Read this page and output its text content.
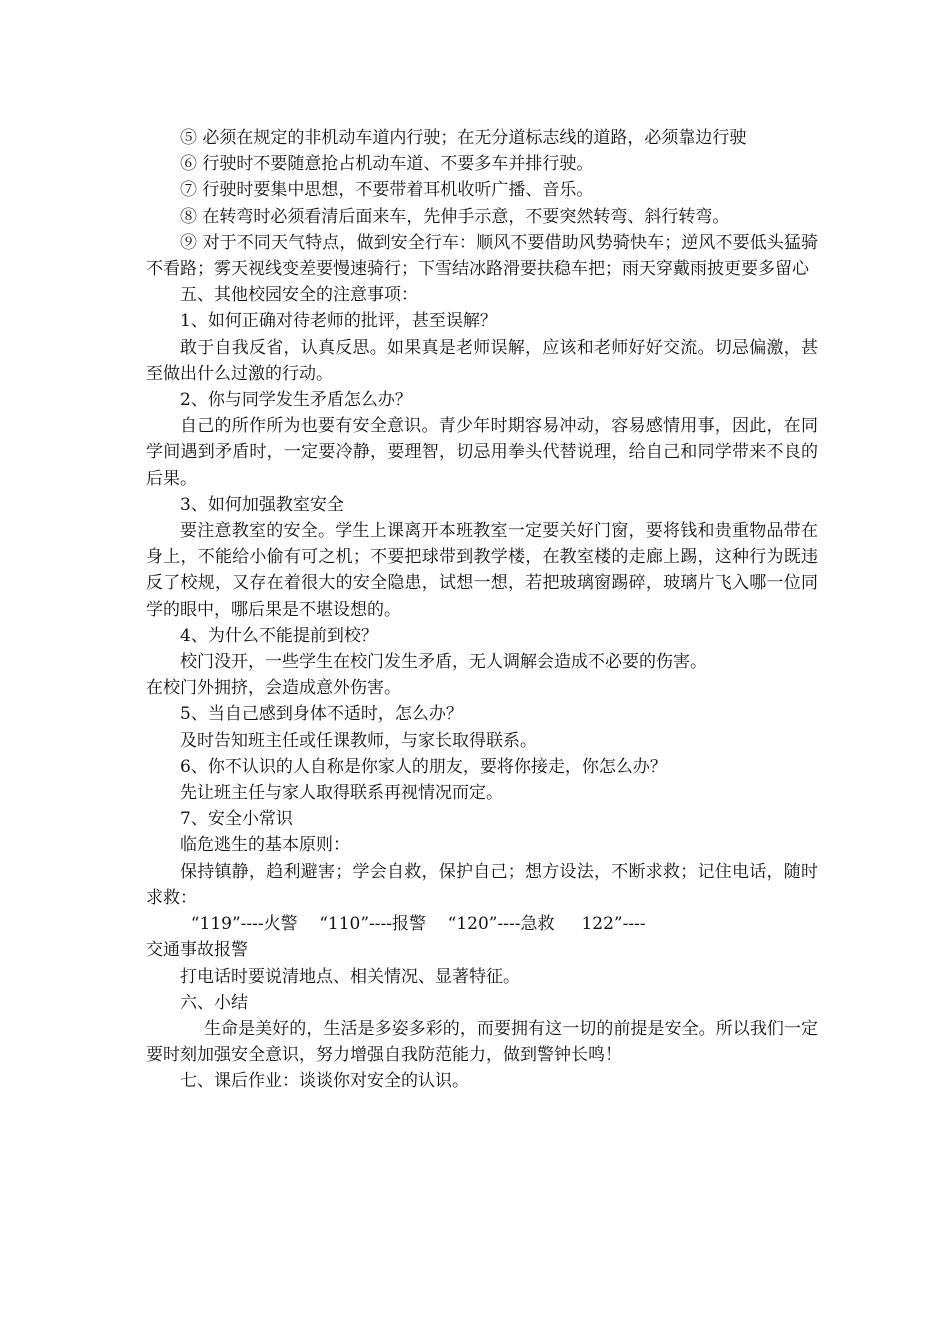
⑤ 必须在规定的非机动车道内行驶；在无分道标志线的道路，必须靠边行驶

⑥ 行驶时不要随意抢占机动车道、不要多车并排行驶。

⑦ 行驶时要集中思想，不要带着耳机收听广播、音乐。

⑧ 在转弯时必须看清后面来车，先伸手示意，不要突然转弯、斜行转弯。

⑨ 对于不同天气特点，做到安全行车：顺风不要借助风势骑快车；逆风不要低头猛骑不看路；雾天视线变差要慢速骑行；下雪结冰路滑要扶稳车把；雨天穿戴雨披更要多留心

五、其他校园安全的注意事项：

1、如何正确对待老师的批评，甚至误解？

敢于自我反省，认真反思。如果真是老师误解，应该和老师好好交流。切忌偏激，甚至做出什么过激的行动。

2、你与同学发生矛盾怎么办？

自己的所作所为也要有安全意识。青少年时期容易冲动，容易感情用事，因此，在同学间遇到矛盾时，一定要冷静，要理智，切忌用拳头代替说理，给自己和同学带来不良的后果。

3、如何加强教室安全

要注意教室的安全。学生上课离开本班教室一定要关好门窗，要将钱和贵重物品带在身上，不能给小偷有可之机；不要把球带到教学楼，在教室楼的走廊上踢，这种行为既违反了校规，又存在着很大的安全隐患，试想一想，若把玻璃窗踢碎，玻璃片飞入哪一位同学的眼中，哪后果是不堪设想的。

4、为什么不能提前到校？

校门没开，一些学生在校门发生矛盾，无人调解会造成不必要的伤害。

在校门外拥挤，会造成意外伤害。

5、当自己感到身体不适时，怎么办？

及时告知班主任或任课教师，与家长取得联系。

6、你不认识的人自称是你家人的朋友，要将你接走，你怎么办？

先让班主任与家人取得联系再视情况而定。

7、安全小常识

临危逃生的基本原则：

保持镇静，趋利避害；学会自救，保护自己；想方设法，不断求救；记住电话，随时求救：

“119”----火警    “110”----报警    “120”----急救     122”----

交通事故报警

打电话时要说清地点、相关情况、显著特征。

六、小结

生命是美好的，生活是多姿多彩的，而要拥有这一切的前提是安全。所以我们一定要时刻加强安全意识，努力增强自我防范能力，做到警钟长鸣！

七、课后作业：谈谈你对安全的认识。
